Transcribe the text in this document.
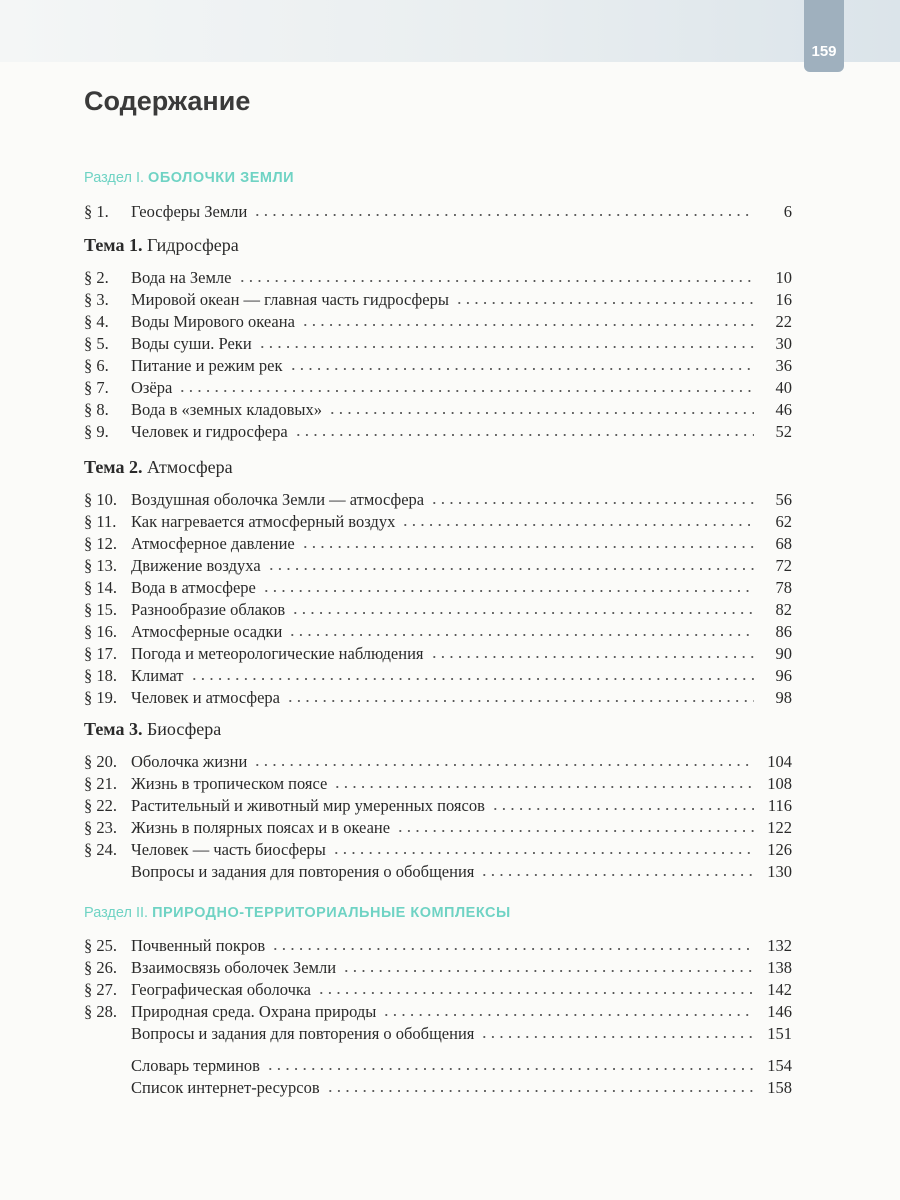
159
Содержание
Раздел I. ОБОЛОЧКИ ЗЕМЛИ
§ 1.	Геосферы Земли	6
Тема 1. Гидросфера
§ 2.	Вода на Земле	10
§ 3.	Мировой океан — главная часть гидросферы	16
§ 4.	Воды Мирового океана	22
§ 5.	Воды суши. Реки	30
§ 6.	Питание и режим рек	36
§ 7.	Озёра	40
§ 8.	Вода в «земных кладовых»	46
§ 9.	Человек и гидросфера	52
Тема 2. Атмосфера
§ 10. Воздушная оболочка Земли — атмосфера	56
§ 11. Как нагревается атмосферный воздух	62
§ 12. Атмосферное давление	68
§ 13. Движение воздуха	72
§ 14. Вода в атмосфере	78
§ 15. Разнообразие облаков	82
§ 16. Атмосферные осадки	86
§ 17. Погода и метеорологические наблюдения	90
§ 18. Климат	96
§ 19. Человек и атмосфера	98
Тема 3. Биосфера
§ 20. Оболочка жизни	104
§ 21. Жизнь в тропическом поясе	108
§ 22. Растительный и животный мир умеренных поясов	116
§ 23. Жизнь в полярных поясах и в океане	122
§ 24. Человек — часть биосферы	126
Вопросы и задания для повторения о обобщения	130
Раздел II. ПРИРОДНО-ТЕРРИТОРИАЛЬНЫЕ КОМПЛЕКСЫ
§ 25. Почвенный покров	132
§ 26. Взаимосвязь оболочек Земли	138
§ 27. Географическая оболочка	142
§ 28. Природная среда. Охрана природы	146
Вопросы и задания для повторения о обобщения	151
Словарь терминов	154
Список интернет-ресурсов	158
